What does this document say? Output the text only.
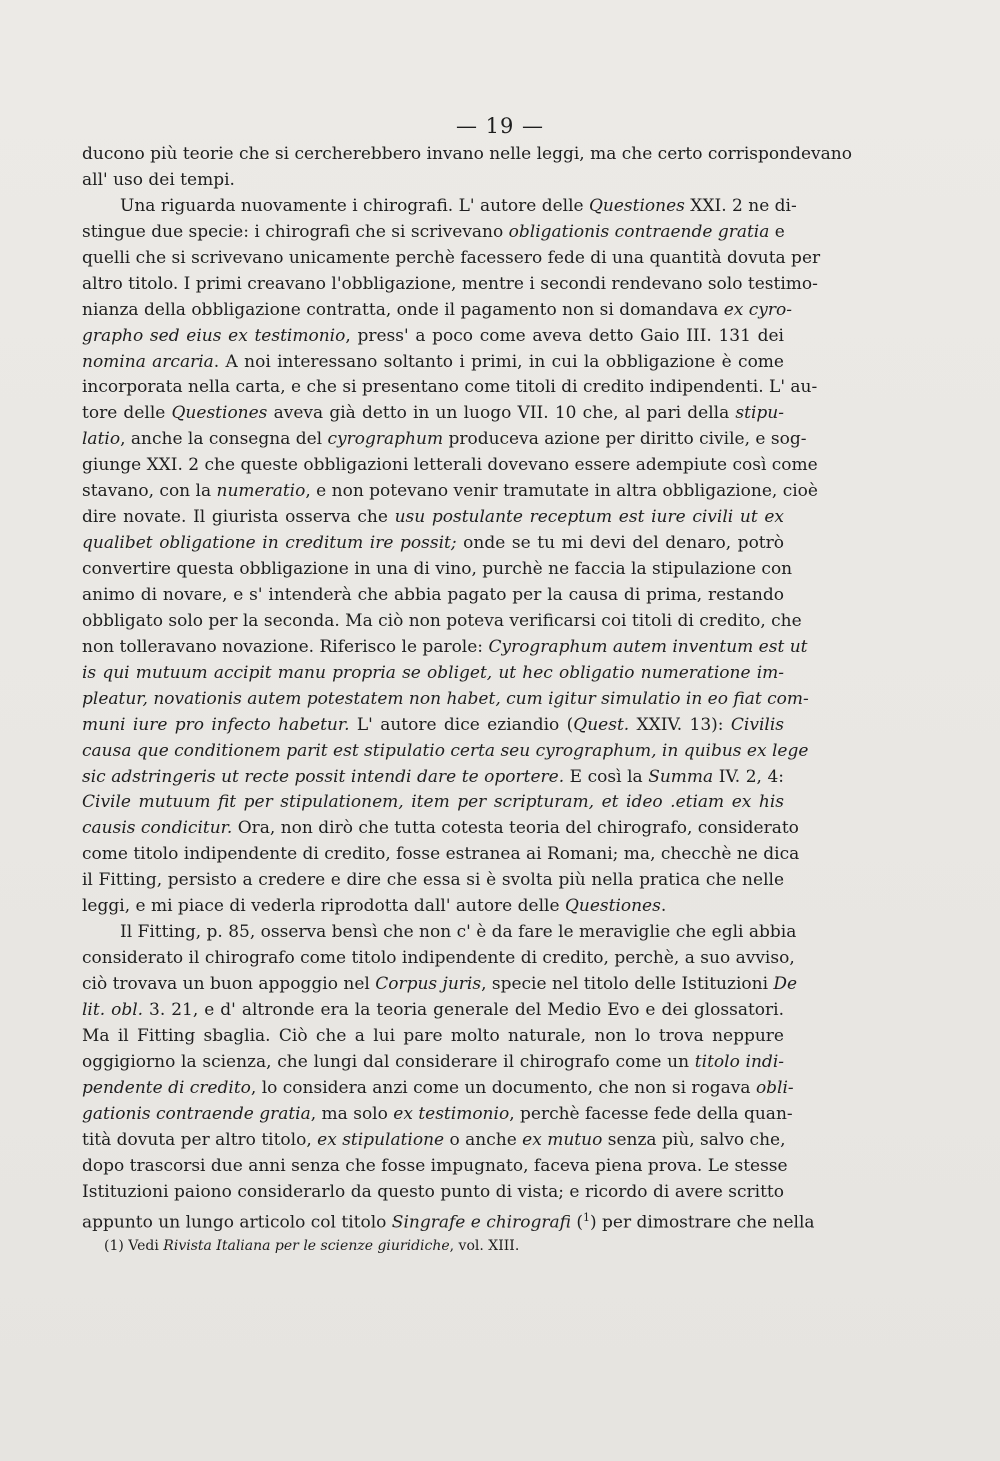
— 19 —
ducono più teorie che si cercherebbero invano nelle leggi, ma che certo corrispondevano
all' uso dei tempi.
Una riguarda nuovamente i chirografi. L' autore delle Questiones XXI. 2 ne di-
stingue due specie: i chirografi che si scrivevano obligationis contraende gratia e
quelli che si scrivevano unicamente perchè facessero fede di una quantità dovuta per
altro titolo. I primi creavano l'obbligazione, mentre i secondi rendevano solo testimo-
nianza della obbligazione contratta, onde il pagamento non si domandava ex cyro-
grapho sed eius ex testimonio, press' a poco come aveva detto Gaio III. 131 dei
nomina arcaria. A noi interessano soltanto i primi, in cui la obbligazione è come
incorporata nella carta, e che si presentano come titoli di credito indipendenti. L' au-
tore delle Questiones aveva già detto in un luogo VII. 10 che, al pari della stipu-
latio, anche la consegna del cyrographum produceva azione per diritto civile, e sog-
giunge XXI. 2 che queste obbligazioni letterali dovevano essere adempiute così come
stavano, con la numeratio, e non potevano venir tramutate in altra obbligazione, cioè
dire novate. Il giurista osserva che usu postulante receptum est iure civili ut ex
qualibet obligatione in creditum ire possit; onde se tu mi devi del denaro, potrò
convertire questa obbligazione in una di vino, purchè ne faccia la stipulazione con
animo di novare, e s' intenderà che abbia pagato per la causa di prima, restando
obbligato solo per la seconda. Ma ciò non poteva verificarsi coi titoli di credito, che
non tolleravano novazione. Riferisco le parole: Cyrographum autem inventum est ut
is qui mutuum accipit manu propria se obliget, ut hec obligatio numeratione im-
pleatur, novationis autem potestatem non habet, cum igitur simulatio in eo fiat com-
muni iure pro infecto habetur. L' autore dice eziandio (Quest. XXIV. 13): Civilis
causa que conditionem parit est stipulatio certa seu cyrographum, in quibus ex lege
sic adstringeris ut recte possit intendi dare te oportere. E così la Summa IV. 2, 4:
Civile mutuum fit per stipulationem, item per scripturam, et ideo .etiam ex his
causis condicitur. Ora, non dirò che tutta cotesta teoria del chirografo, considerato
come titolo indipendente di credito, fosse estranea ai Romani; ma, checchè ne dica
il Fitting, persisto a credere e dire che essa si è svolta più nella pratica che nelle
leggi, e mi piace di vederla riprodotta dall' autore delle Questiones.
Il Fitting, p. 85, osserva bensì che non c' è da fare le meraviglie che egli abbia
considerato il chirografo come titolo indipendente di credito, perchè, a suo avviso,
ciò trovava un buon appoggio nel Corpus juris, specie nel titolo delle Istituzioni De
lit. obl. 3. 21, e d' altronde era la teoria generale del Medio Evo e dei glossatori.
Ma il Fitting sbaglia. Ciò che a lui pare molto naturale, non lo trova neppure
oggigiorno la scienza, che lungi dal considerare il chirografo come un titolo indi-
pendente di credito, lo considera anzi come un documento, che non si rogava obli-
gationis contraende gratia, ma solo ex testimonio, perchè facesse fede della quan-
tità dovuta per altro titolo, ex stipulatione o anche ex mutuo senza più, salvo che,
dopo trascorsi due anni senza che fosse impugnato, faceva piena prova. Le stesse
Istituzioni paiono considerarlo da questo punto di vista; e ricordo di avere scritto
appunto un lungo articolo col titolo Singrafe e chirografi ($^1$) per dimostrare che nella
(1) Vedi Rivista Italiana per le scienze giuridiche, vol. XIII.
